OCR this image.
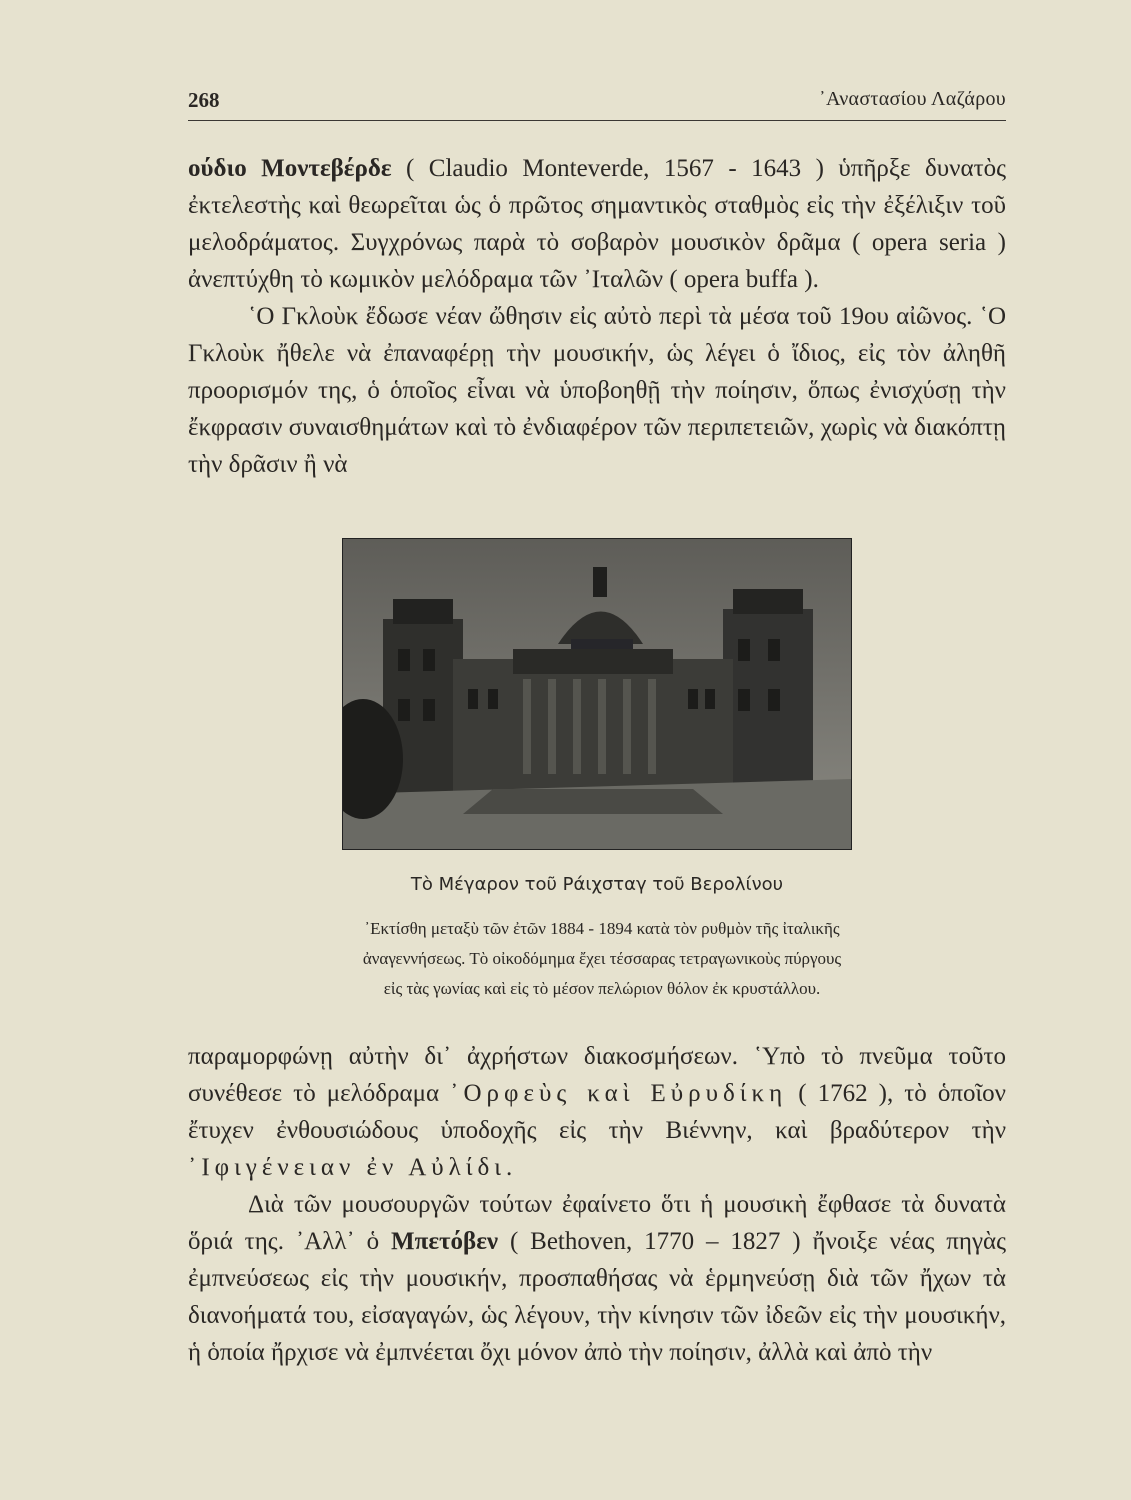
268	᾿Αναστασίου Λαζάρου

ούδιο Μοντεβέρδε ( Claudio Monteverde, 1567 - 1643 ) ὑπῆρξε δυνατὸς ἐκτελεστὴς καὶ θεωρεῖται ὡς ὁ πρῶτος σημαντικὸς σταθμὸς εἰς τὴν ἐξέλιξιν τοῦ μελοδράματος. Συγχρόνως παρὰ τὸ σοβαρὸν μουσικὸν δρᾶμα ( opera seria ) ἀνεπτύχθη τὸ κωμικὸν μελόδραμα τῶν ᾿Ιταλῶν ( opera buffa ).

῾Ο Γκλοὺκ ἔδωσε νέαν ὤθησιν εἰς αὐτὸ περὶ τὰ μέσα τοῦ 19ου αἰῶνος. ῾Ο Γκλοὺκ ἤθελε νὰ ἐπαναφέρῃ τὴν μουσικήν, ὡς λέγει ὁ ἴδιος, εἰς τὸν ἀληθῆ προορισμόν της, ὁ ὁποῖος εἶναι νὰ ὑποβοηθῇ τὴν ποίησιν, ὅπως ἐνισχύσῃ τὴν ἔκφρασιν συναισθημάτων καὶ τὸ ἐνδιαφέρον τῶν περιπετειῶν, χωρὶς νὰ διακόπτῃ τὴν δρᾶσιν ἢ νὰ

Τὸ Μέγαρον τοῦ Ράιχσταγ τοῦ Βερολίνου

᾿Εκτίσθη μεταξὺ τῶν ἐτῶν 1884 - 1894 κατὰ τὸν ρυθμὸν τῆς ἰταλικῆς

ἀναγεννήσεως. Τὸ οἰκοδόμημα ἔχει τέσσαρας τετραγωνικοὺς πύργους

εἰς τὰς γωνίας καὶ εἰς τὸ μέσον πελώριον θόλον ἐκ κρυστάλλου.

παραμορφώνῃ αὐτὴν δι᾿ ἀχρήστων διακοσμήσεων. ῾Υπὸ τὸ πνεῦμα τοῦτο συνέθεσε τὸ μελόδραμα ᾿Ορφεὺς καὶ Εὐρυδίκη ( 1762 ), τὸ ὁποῖον ἔτυχεν ἐνθουσιώδους ὑποδοχῆς εἰς τὴν Βιέννην, καὶ βραδύτερον τὴν ᾿Ιφιγένειαν ἐν Αὐλίδι.

Διὰ τῶν μουσουργῶν τούτων ἐφαίνετο ὅτι ἡ μουσικὴ ἔφθασε τὰ δυνατὰ ὅριά της. ᾿Αλλ᾿ ὁ Μπετόβεν ( Bethoven, 1770 – 1827 ) ἤνοιξε νέας πηγὰς ἐμπνεύσεως εἰς τὴν μουσικήν, προσπαθήσας νὰ ἑρμηνεύσῃ διὰ τῶν ἤχων τὰ διανοήματά του, εἰσαγαγών, ὡς λέγουν, τὴν κίνησιν τῶν ἰδεῶν εἰς τὴν μουσικήν, ἡ ὁποία ἤρχισε νὰ ἐμπνέεται ὄχι μόνον ἀπὸ τὴν ποίησιν, ἀλλὰ καὶ ἀπὸ τὴν
